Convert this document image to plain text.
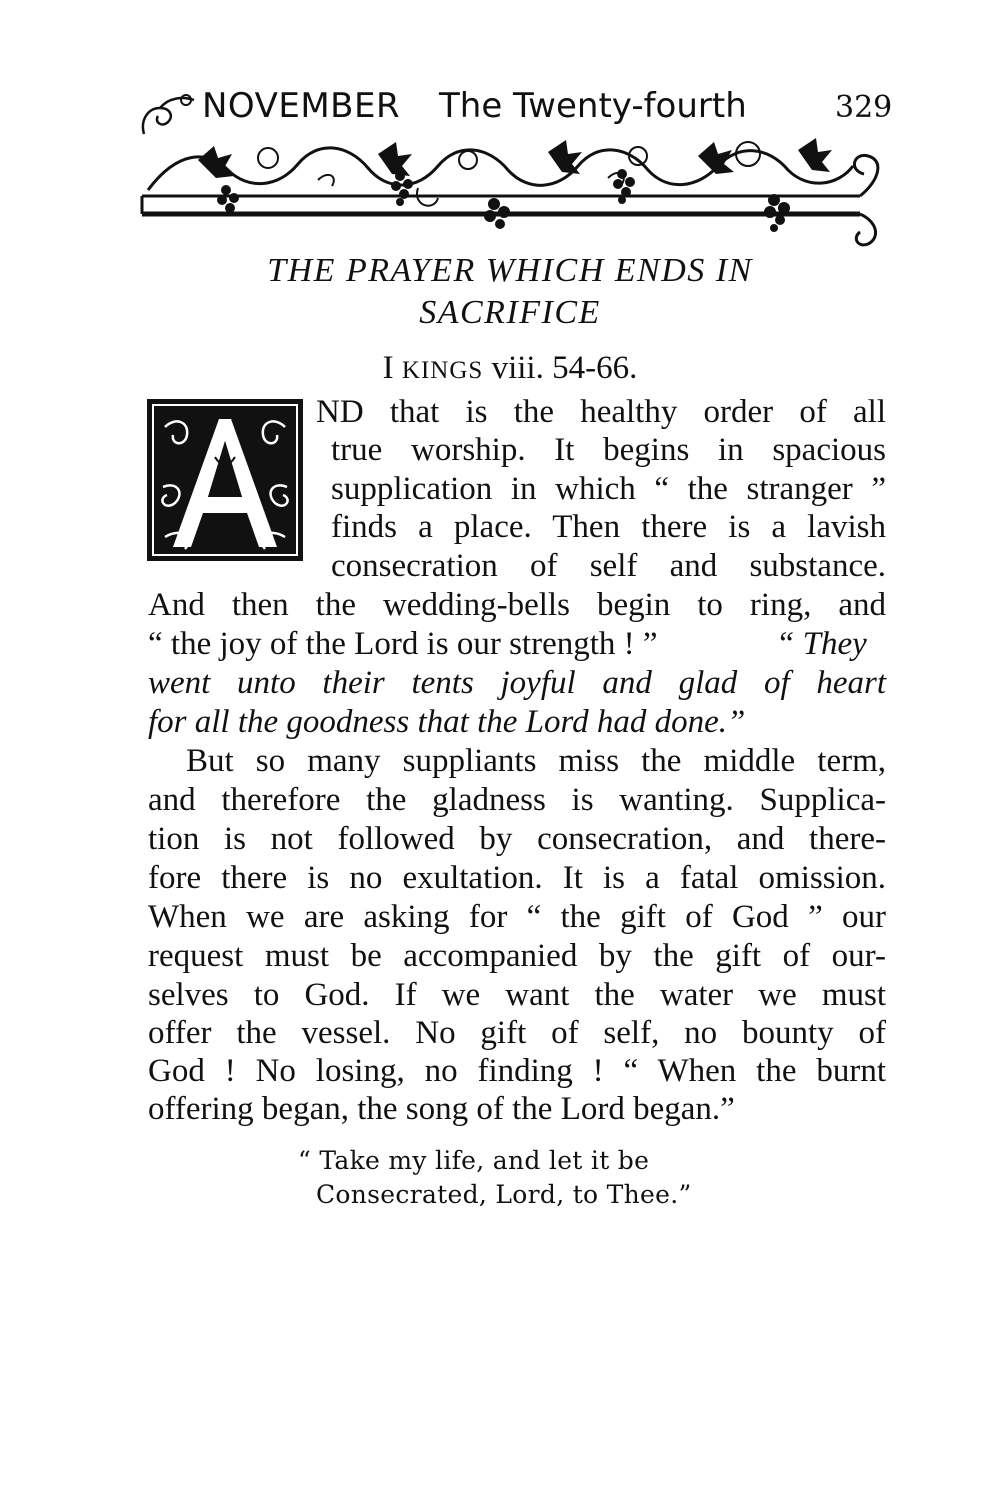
NOVEMBER The Twenty-fourth	329
THE PRAYER WHICH ENDS IN
SACRIFICE
I KINGS viii. 54-66.
A
ND that is the healthy order of all
true worship. It begins in spacious
supplication in which “ the stranger ”
finds a place. Then there is a lavish
consecration of self and substance.
And then the wedding-bells begin to ring, and
“ the joy of the Lord is our strength ! ”	“ They
went unto their tents joyful and glad of heart
for all the goodness that the Lord had done.”
But so many suppliants miss the middle term,
and therefore the gladness is wanting. Supplica-
tion is not followed by consecration, and there-
fore there is no exultation. It is a fatal omission.
When we are asking for “ the gift of God ” our
request must be accompanied by the gift of our-
selves to God. If we want the water we must
offer the vessel. No gift of self, no bounty of
God ! No losing, no finding ! “ When the burnt
offering began, the song of the Lord began.”
“ Take my life, and let it be
Consecrated, Lord, to Thee.”
